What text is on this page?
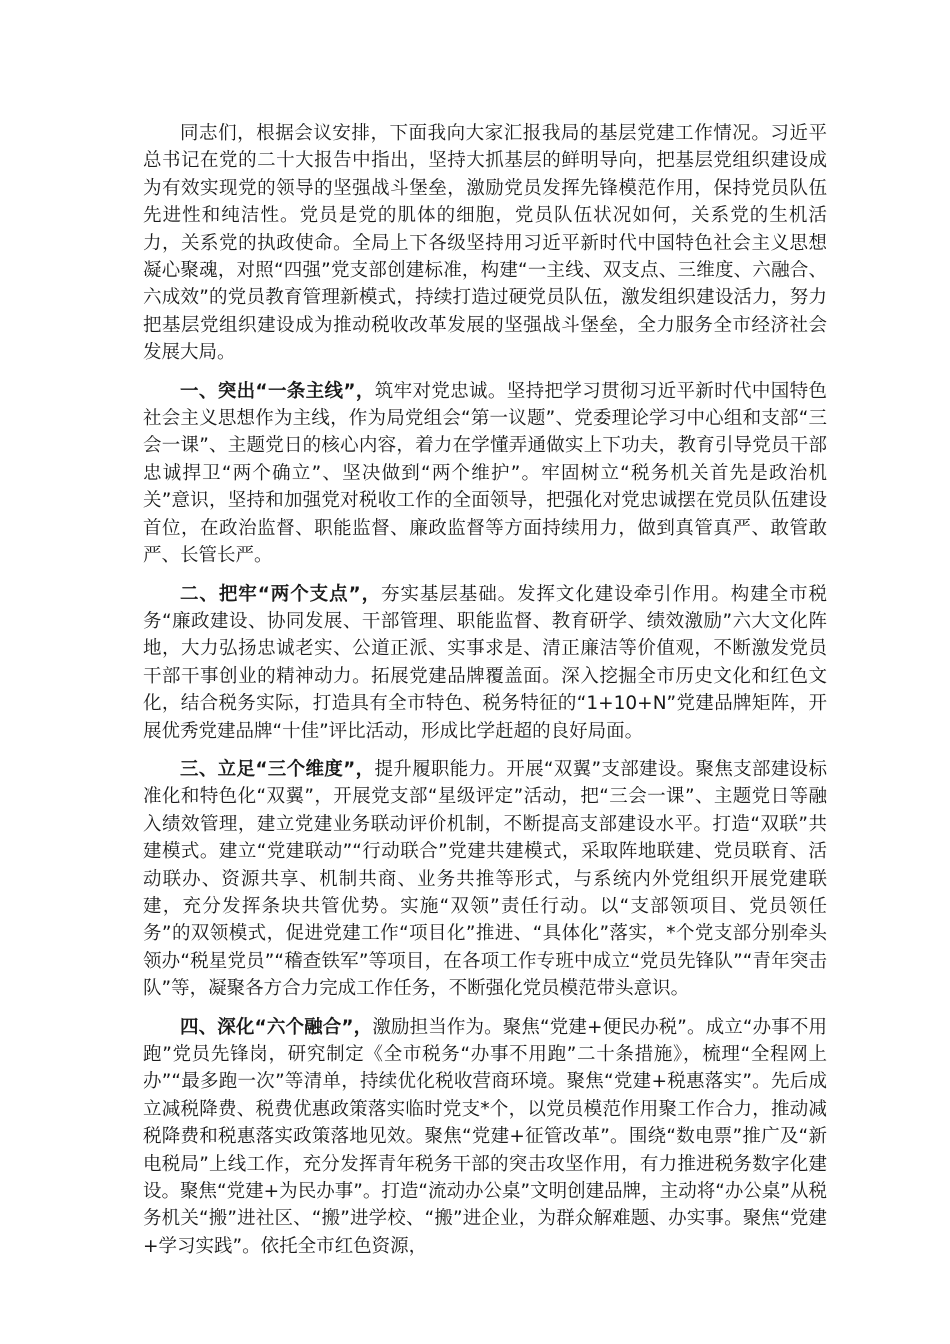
同志们，根据会议安排，下面我向大家汇报我局的基层党建工作情况。习近平总书记在党的二十大报告中指出，坚持大抓基层的鲜明导向，把基层党组织建设成为有效实现党的领导的坚强战斗堡垒，激励党员发挥先锋模范作用，保持党员队伍先进性和纯洁性。党员是党的肌体的细胞，党员队伍状况如何，关系党的生机活力，关系党的执政使命。全局上下各级坚持用习近平新时代中国特色社会主义思想凝心聚魂，对照“四强”党支部创建标准，构建“一主线、双支点、三维度、六融合、六成效”的党员教育管理新模式，持续打造过硬党员队伍，激发组织建设活力，努力把基层党组织建设成为推动税收改革发展的坚强战斗堡垒，全力服务全市经济社会发展大局。

一、突出“一条主线”，筑牢对党忠诚。坚持把学习贯彻习近平新时代中国特色社会主义思想作为主线，作为局党组会“第一议题”、党委理论学习中心组和支部“三会一课”、主题党日的核心内容，着力在学懂弄通做实上下功夫，教育引导党员干部忠诚捍卫“两个确立”、坚决做到“两个维护”。牢固树立“税务机关首先是政治机关”意识，坚持和加强党对税收工作的全面领导，把强化对党忠诚摆在党员队伍建设首位，在政治监督、职能监督、廉政监督等方面持续用力，做到真管真严、敢管敢严、长管长严。

二、把牢“两个支点”，夯实基层基础。发挥文化建设牵引作用。构建全市税务“廉政建设、协同发展、干部管理、职能监督、教育研学、绩效激励”六大文化阵地，大力弘扬忠诚老实、公道正派、实事求是、清正廉洁等价值观，不断激发党员干部干事创业的精神动力。拓展党建品牌覆盖面。深入挖掘全市历史文化和红色文化，结合税务实际，打造具有全市特色、税务特征的“1+10+N”党建品牌矩阵，开展优秀党建品牌“十佳”评比活动，形成比学赶超的良好局面。

三、立足“三个维度”，提升履职能力。开展“双翼”支部建设。聚焦支部建设标准化和特色化“双翼”，开展党支部“星级评定”活动，把“三会一课”、主题党日等融入绩效管理，建立党建业务联动评价机制，不断提高支部建设水平。打造“双联”共建模式。建立“党建联动”“行动联合”党建共建模式，采取阵地联建、党员联育、活动联办、资源共享、机制共商、业务共推等形式，与系统内外党组织开展党建联建，充分发挥条块共管优势。实施“双领”责任行动。以“支部领项目、党员领任务”的双领模式，促进党建工作“项目化”推进、“具体化”落实，*个党支部分别牵头领办“税星党员”“稽查铁军”等项目，在各项工作专班中成立“党员先锋队”“青年突击队”等，凝聚各方合力完成工作任务，不断强化党员模范带头意识。

四、深化“六个融合”，激励担当作为。聚焦“党建+便民办税”。成立“办事不用跑”党员先锋岗，研究制定《全市税务“办事不用跑”二十条措施》，梳理“全程网上办”“最多跑一次”等清单，持续优化税收营商环境。聚焦“党建+税惠落实”。先后成立减税降费、税费优惠政策落实临时党支*个，以党员模范作用聚工作合力，推动减税降费和税惠落实政策落地见效。聚焦“党建+征管改革”。围绕“数电票”推广及“新电税局”上线工作，充分发挥青年税务干部的突击攻坚作用，有力推进税务数字化建设。聚焦“党建+为民办事”。打造“流动办公桌”文明创建品牌，主动将“办公桌”从税务机关“搬”进社区、“搬”进学校、“搬”进企业，为群众解难题、办实事。聚焦“党建+学习实践”。依托全市红色资源，
